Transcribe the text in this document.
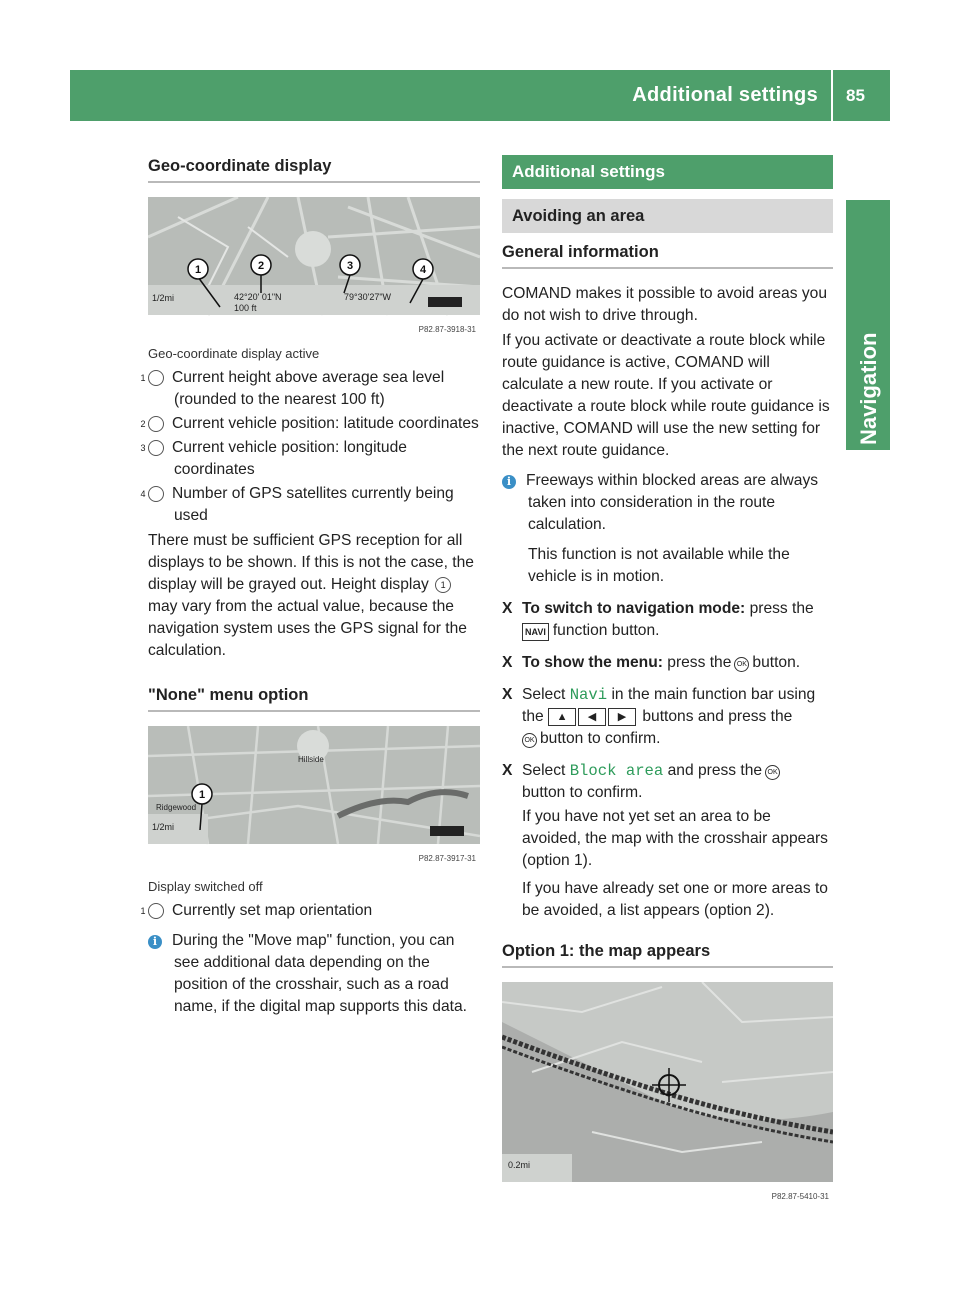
Additional settings 85
Navigation
Geo-coordinate display
1/2mi	42°20' 01"N
100 ft
79°30'27"W
1	2	3	4
P82.87-3918-31
Geo-coordinate display active
1 Current height above average sea level (rounded to the nearest 100 ft)
2 Current vehicle position: latitude coordinates
3 Current vehicle position: longitude coordinates
4 Number of GPS satellites currently being used
There must be sufficient GPS reception for all displays to be shown. If this is not the case, the display will be grayed out. Height display 1 may vary from the actual value, because the navigation system uses the GPS signal for the calculation.
"None" menu option
1/2mi
Hillside
Ridgewood
1
P82.87-3917-31
Display switched off
1 Currently set map orientation
i During the "Move map" function, you can see additional data depending on the position of the crosshair, such as a road name, if the digital map supports this data.
Additional settings
Avoiding an area
General information
COMAND makes it possible to avoid areas you do not wish to drive through.
If you activate or deactivate a route block while route guidance is active, COMAND will calculate a new route. If you activate or deactivate a route block while route guidance is inactive, COMAND will use the new setting for the next route guidance.
i Freeways within blocked areas are always taken into consideration in the route calculation.
This function is not available while the vehicle is in motion.
X To switch to navigation mode: press the
NAVI function button.
X To show the menu: press the OK button.
X Select Navi in the main function bar using the ▲ ◀ ▶ buttons and press the
OK button to confirm.
X Select Block area and press the OK
button to confirm.
If you have not yet set an area to be avoided, the map with the crosshair appears (option 1).
If you have already set one or more areas to be avoided, a list appears (option 2).
Option 1: the map appears
0.2mi
P82.87-5410-31
